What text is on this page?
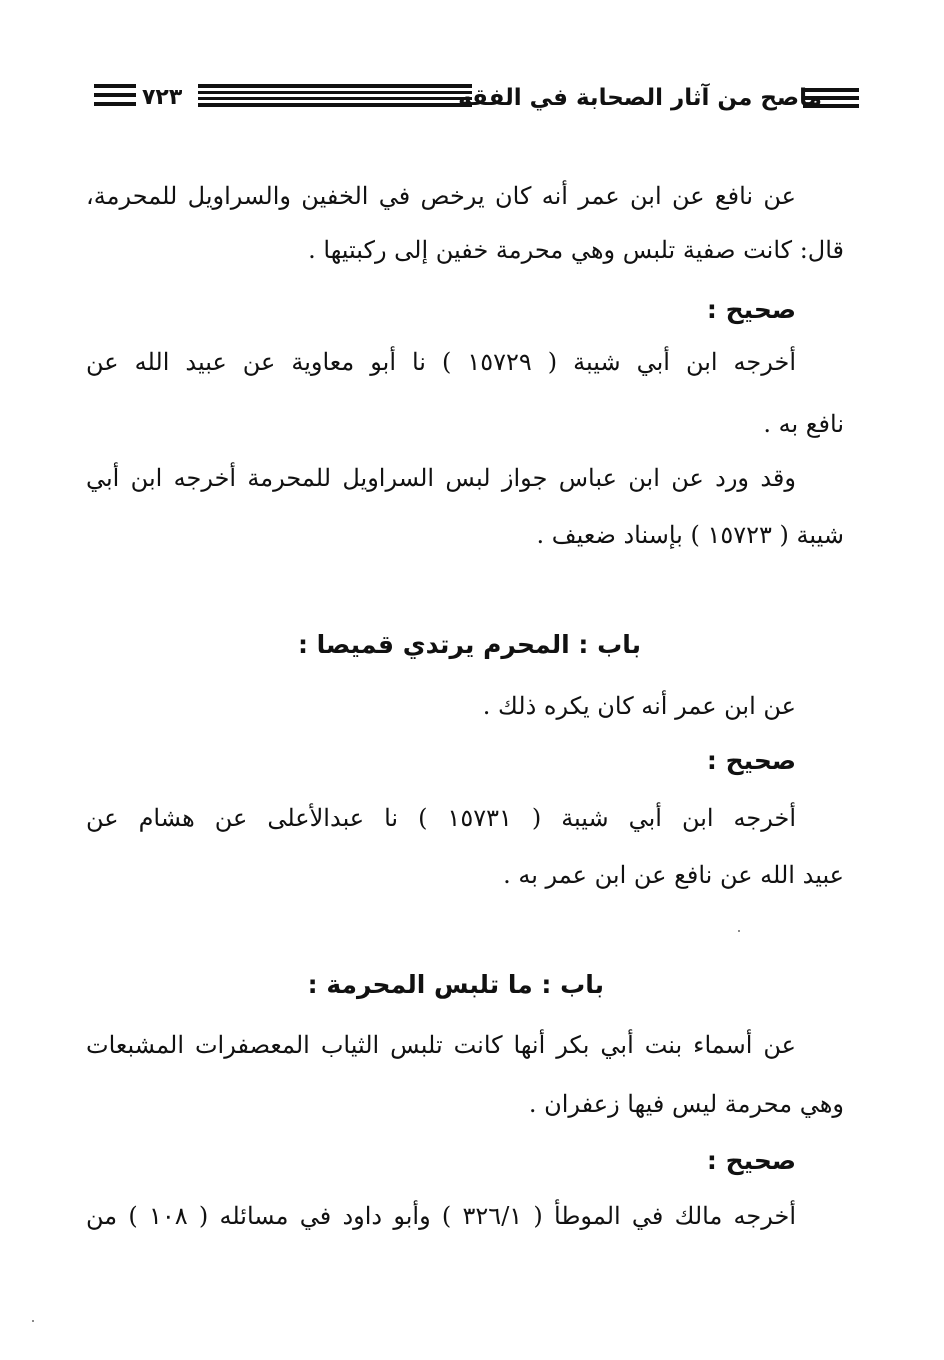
ماصح من آثار الصحابة في الفقه
٧٢٣
عن نافع عن ابن عمر أنه كان يرخص في الخفين والسراويل للمحرمة،
قال: كانت صفية تلبس وهي محرمة خفين إلى ركبتيها .
صحيح :
أخرجه ابن أبي شيبة ( ١٥٧٢٩ ) نا أبو معاوية عن عبيد الله عن
نافع به .
وقد ورد عن ابن عباس جواز لبس السراويل للمحرمة أخرجه ابن أبي
شيبة ( ١٥٧٢٣ ) بإسناد ضعيف .
باب : المحرم يرتدي قميصا :
عن ابن عمر أنه كان يكره ذلك .
صحيح :
أخرجه ابن أبي شيبة ( ١٥٧٣١ ) نا عبدالأعلى عن هشام عن
عبيد الله عن نافع عن ابن عمر به .
باب : ما تلبس المحرمة :
عن أسماء بنت أبي بكر أنها كانت تلبس الثياب المعصفرات المشبعات
وهي محرمة ليس فيها زعفران .
صحيح :
أخرجه مالك في الموطأ ( ٣٢٦/١ ) وأبو داود في مسائله ( ١٠٨ ) من
